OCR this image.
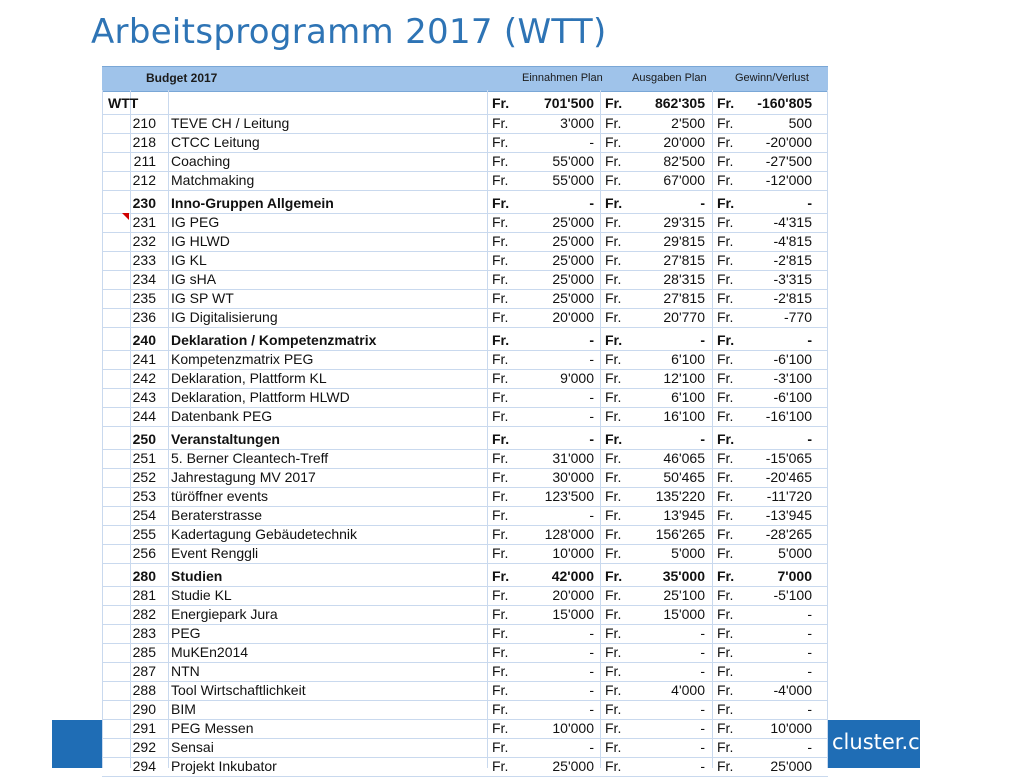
Arbeitsprogramm 2017 (WTT)
cluster.ch
Budget 2017	Einnahmen Plan	Ausgaben Plan	Gewinn/Verlust
WTT	Fr.	701'500 Fr.	862'305 Fr.	-160'805
210 TEVE CH / Leitung	Fr.	3'000 Fr.	2'500 Fr.	500
218 CTCC Leitung	Fr.	- Fr.	20'000 Fr.	-20'000
211 Coaching	Fr.	55'000 Fr.	82'500 Fr.	-27'500
212 Matchmaking	Fr.	55'000 Fr.	67'000 Fr.	-12'000
230 Inno-Gruppen Allgemein	Fr.	- Fr.	- Fr.	-
231 IG PEG	Fr.	25'000 Fr.	29'315 Fr.	-4'315
232 IG HLWD	Fr.	25'000 Fr.	29'815 Fr.	-4'815
233 IG KL	Fr.	25'000 Fr.	27'815 Fr.	-2'815
234 IG sHA	Fr.	25'000 Fr.	28'315 Fr.	-3'315
235 IG SP WT	Fr.	25'000 Fr.	27'815 Fr.	-2'815
236 IG Digitalisierung	Fr.	20'000 Fr.	20'770 Fr.	-770
240 Deklaration / Kompetenzmatrix	Fr.	- Fr.	- Fr.	-
241 Kompetenzmatrix PEG	Fr.	- Fr.	6'100 Fr.	-6'100
242 Deklaration, Plattform KL	Fr.	9'000 Fr.	12'100 Fr.	-3'100
243 Deklaration, Plattform HLWD	Fr.	- Fr.	6'100 Fr.	-6'100
244 Datenbank PEG	Fr.	- Fr.	16'100 Fr.	-16'100
250 Veranstaltungen	Fr.	- Fr.	- Fr.	-
251 5. Berner Cleantech-Treff	Fr.	31'000 Fr.	46'065 Fr.	-15'065
252 Jahrestagung MV 2017	Fr.	30'000 Fr.	50'465 Fr.	-20'465
253 türöffner events	Fr.	123'500 Fr.	135'220 Fr.	-11'720
254 Beraterstrasse	Fr.	- Fr.	13'945 Fr.	-13'945
255 Kadertagung Gebäudetechnik	Fr.	128'000 Fr.	156'265 Fr.	-28'265
256 Event Renggli	Fr.	10'000 Fr.	5'000 Fr.	5'000
280 Studien	Fr.	42'000 Fr.	35'000 Fr.	7'000
281 Studie KL	Fr.	20'000 Fr.	25'100 Fr.	-5'100
282 Energiepark Jura	Fr.	15'000 Fr.	15'000 Fr.	-
283 PEG	Fr.	- Fr.	- Fr.	-
285 MuKEn2014	Fr.	- Fr.	- Fr.	-
287 NTN	Fr.	- Fr.	- Fr.	-
288 Tool Wirtschaftlichkeit	Fr.	- Fr.	4'000 Fr.	-4'000
290 BIM	Fr.	- Fr.	- Fr.	-
291 PEG Messen	Fr.	10'000 Fr.	- Fr.	10'000
292 Sensai	Fr.	- Fr.	- Fr.	-
294 Projekt Inkubator	Fr.	25'000 Fr.	- Fr.	25'000
